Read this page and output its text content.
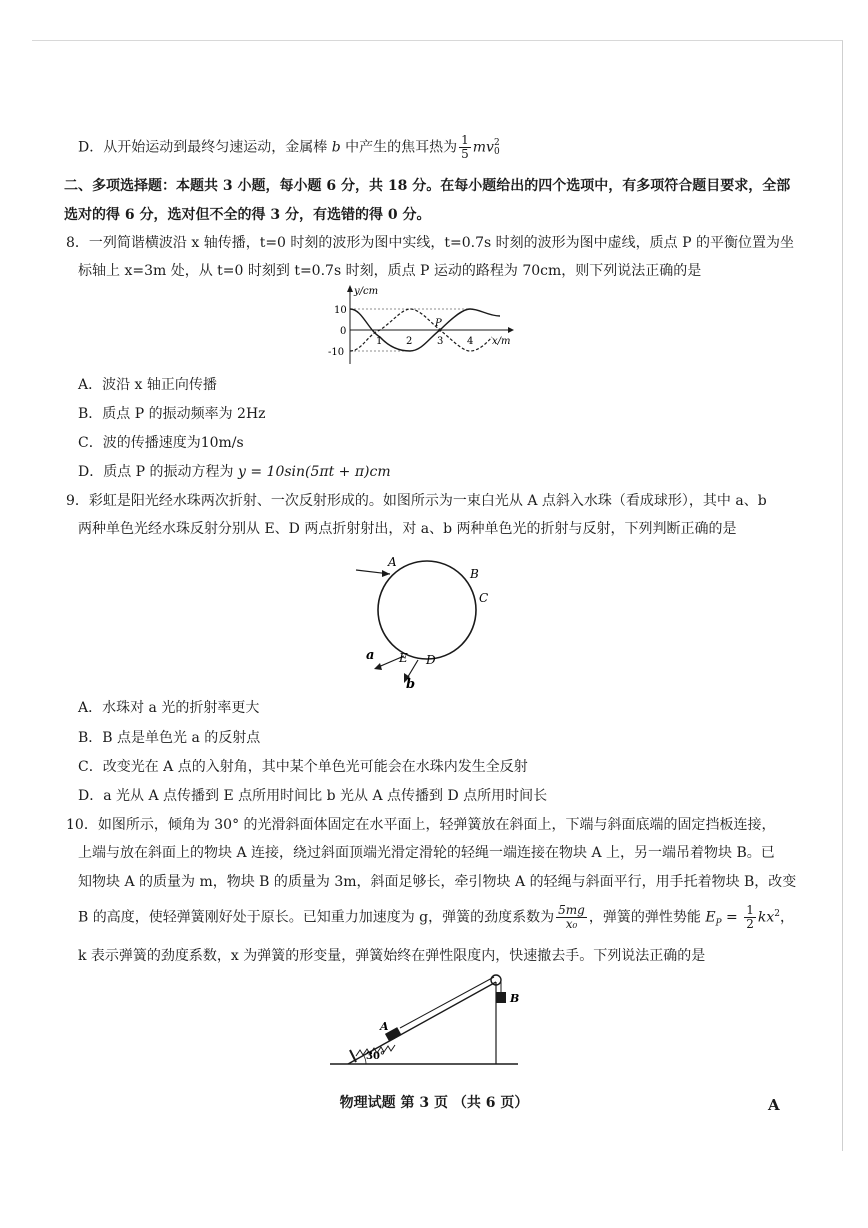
D．从开始运动到最终匀速运动，金属棒 b 中产生的焦耳热为 $\frac{1}{5}$ mv 2
0
二、多项选择题：本题共 3 小题，每小题 6 分，共 18 分。在每小题给出的四个选项中，有多项符合题目要求，全部
选对的得 6 分，选对但不全的得 3 分，有选错的得 0 分。
8．一列简谐横波沿 x 轴传播，t=0 时刻的波形为图中实线，t=0.7s 时刻的波形为图中虚线，质点 P 的平衡位置为坐
标轴上 x=3m 处，从 t=0 时刻到 t=0.7s 时刻，质点 P 运动的路程为 70cm，则下列说法正确的是
P
y/cm
x/m
10
0
-10
1 2 3 4
A．波沿 x 轴正向传播
B．质点 P 的振动频率为 2Hz
C．波的传播速度为10m/s
D．质点 P 的振动方程为 y = 10sin(5πt + π)cm
9．彩虹是阳光经水珠两次折射、一次反射形成的。如图所示为一束白光从 A 点斜入水珠（看成球形），其中 a、b
两种单色光经水珠反射分别从 E、D 两点折射射出，对 a、b 两种单色光的折射与反射，下列判断正确的是
A
B
C
D
E
a
b
A．水珠对 a 光的折射率更大
B．B 点是单色光 a 的反射点
C．改变光在 A 点的入射角，其中某个单色光可能会在水珠内发生全反射
D．a 光从 A 点传播到 E 点所用时间比 b 光从 A 点传播到 D 点所用时间长
10．如图所示，倾角为 30° 的光滑斜面体固定在水平面上，轻弹簧放在斜面上，下端与斜面底端的固定挡板连接，
上端与放在斜面上的物块 A 连接，绕过斜面顶端光滑定滑轮的轻绳一端连接在物块 A 上，另一端吊着物块 B。已
知物块 A 的质量为 m，物块 B 的质量为 3m，斜面足够长，牵引物块 A 的轻绳与斜面平行，用手托着物块 B，改变
B 的高度，使轻弹簧刚好处于原长。已知重力加速度为 g，弹簧的劲度系数为 $\frac{5mg}{\text{x₀}}$ ，弹簧的弹性势能 $E_P = \frac{1}{2} kx^2$，
k 表示弹簧的劲度系数，x 为弹簧的形变量，弹簧始终在弹性限度内，快速撤去手。下列说法正确的是
A
B
30°
物理试题 第 3 页 （共 6 页）	A
